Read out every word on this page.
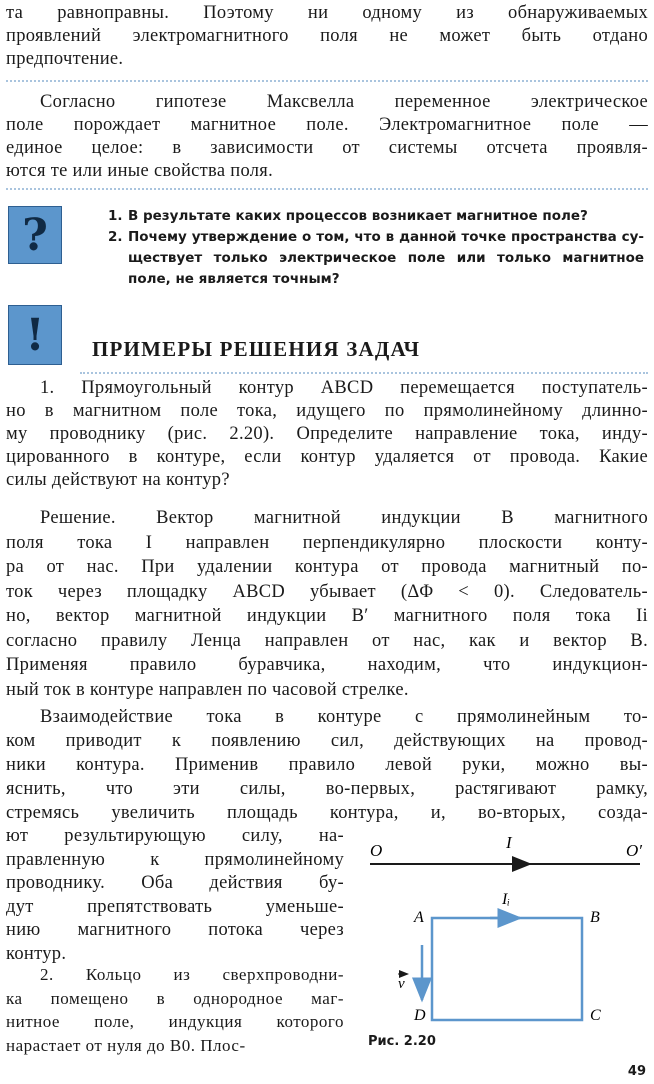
та равноправны. Поэтому ни одному из обнаруживаемых

проявлений электромагнитного поля не может быть отдано

предпочтение.

Согласно гипотезе Максвелла переменное электрическое

поле порождает магнитное поле. Электромагнитное поле —

единое целое: в зависимости от системы отсчета проявля-

ются те или иные свойства поля.

?	1. В результате каких процессов возникает магнитное поле?
2. Почему утверждение о том, что в данной точке пространства су-
ществует только электрическое поле или только магнитное
поле, не является точным?
! ПРИМЕРЫ РЕШЕНИЯ ЗАДАЧ

1. Прямоугольный контур ABCD перемещается поступатель-

но в магнитном поле тока, идущего по прямолинейному длинно-

му проводнику (рис. 2.20). Определите направление тока, инду-

цированного в контуре, если контур удаляется от провода. Какие

силы действуют на контур?

Решение. Вектор магнитной индукции B магнитного

поля тока I направлен перпендикулярно плоскости конту-

ра от нас. При удалении контура от провода магнитный по-

ток через площадку ABCD убывает (ΔΦ < 0). Следователь-

но, вектор магнитной индукции B′ магнитного поля тока Ii

согласно правилу Ленца направлен от нас, как и вектор B.

Применяя правило буравчика, находим, что индукцион-

ный ток в контуре направлен по часовой стрелке.

Взаимодействие тока в контуре с прямолинейным то-

ком приводит к появлению сил, действующих на провод-

ники контура. Применив правило левой руки, можно вы-

яснить, что эти силы, во-первых, растягивают рамку,

стремясь увеличить площадь контура, и, во-вторых, созда-

ют результирующую силу, на-

правленную к прямолинейному

проводнику. Оба действия бу-

дут препятствовать уменьше-

нию магнитного потока через

контур.

2. Кольцо из сверхпроводни-

ка помещено в однородное маг-

нитное поле, индукция которого

нарастает от нуля до B0. Плос-

O	I	O′
Iᵢ
A	B
C
D
v
Рис. 2.20
49
